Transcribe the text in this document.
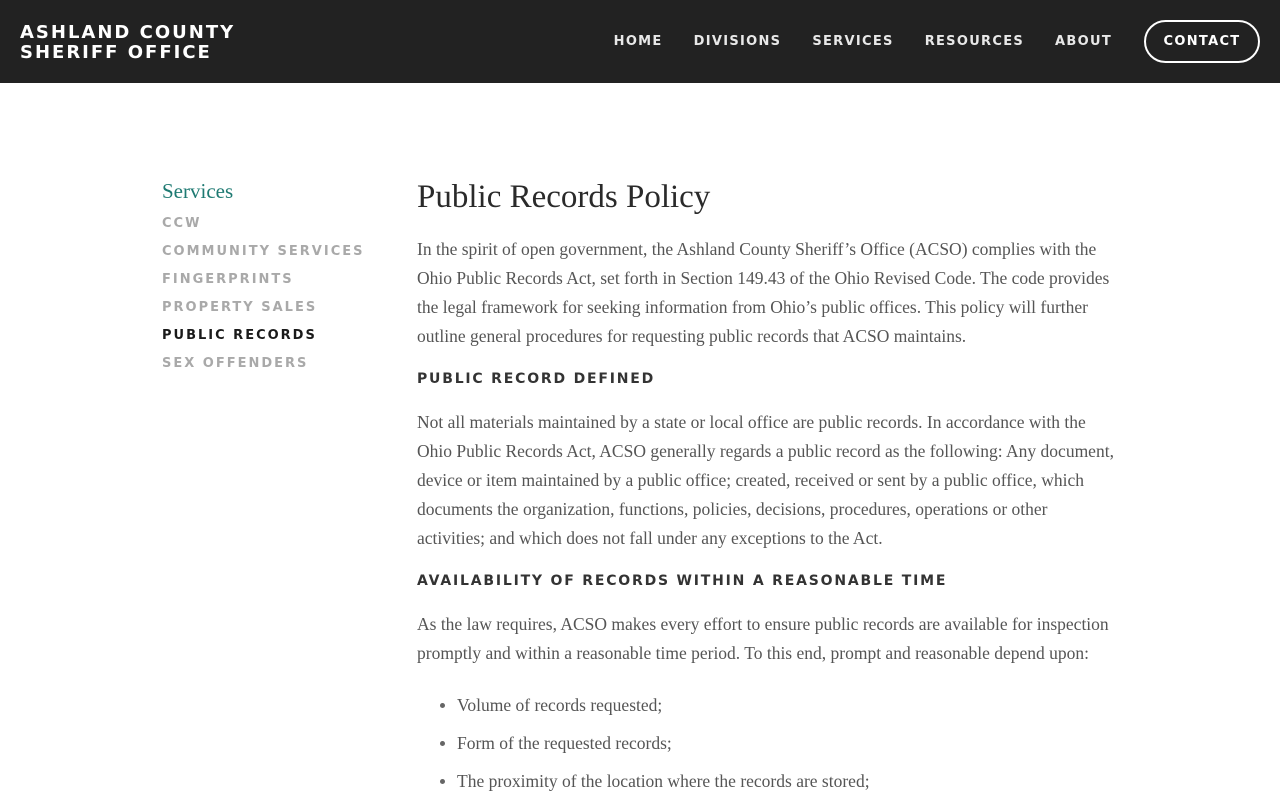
ASHLAND COUNTY
SHERIFF OFFICE
HOME DIVISIONS SERVICES RESOURCES ABOUT	CONTACT
Services
CCW
COMMUNITY SERVICES
FINGERPRINTS
PROPERTY SALES
PUBLIC RECORDS
SEX OFFENDERS
Public Records Policy

In the spirit of open government, the Ashland County Sheriff’s Office (ACSO) complies with the Ohio Public Records Act, set forth in Section 149.43 of the Ohio Revised Code. The code provides the legal framework for seeking information from Ohio’s public offices. This policy will further outline general procedures for requesting public records that ACSO maintains.

PUBLIC RECORD DEFINED

Not all materials maintained by a state or local office are public records. In accordance with the Ohio Public Records Act, ACSO generally regards a public record as the following: Any document, device or item maintained by a public office; created, received or sent by a public office, which documents the organization, functions, policies, decisions, procedures, operations or other activities; and which does not fall under any exceptions to the Act.

AVAILABILITY OF RECORDS WITHIN A REASONABLE TIME

As the law requires, ACSO makes every effort to ensure public records are available for inspection promptly and within a reasonable time period. To this end, prompt and reasonable depend upon:

Volume of records requested;
Form of the requested records;
The proximity of the location where the records are stored;
